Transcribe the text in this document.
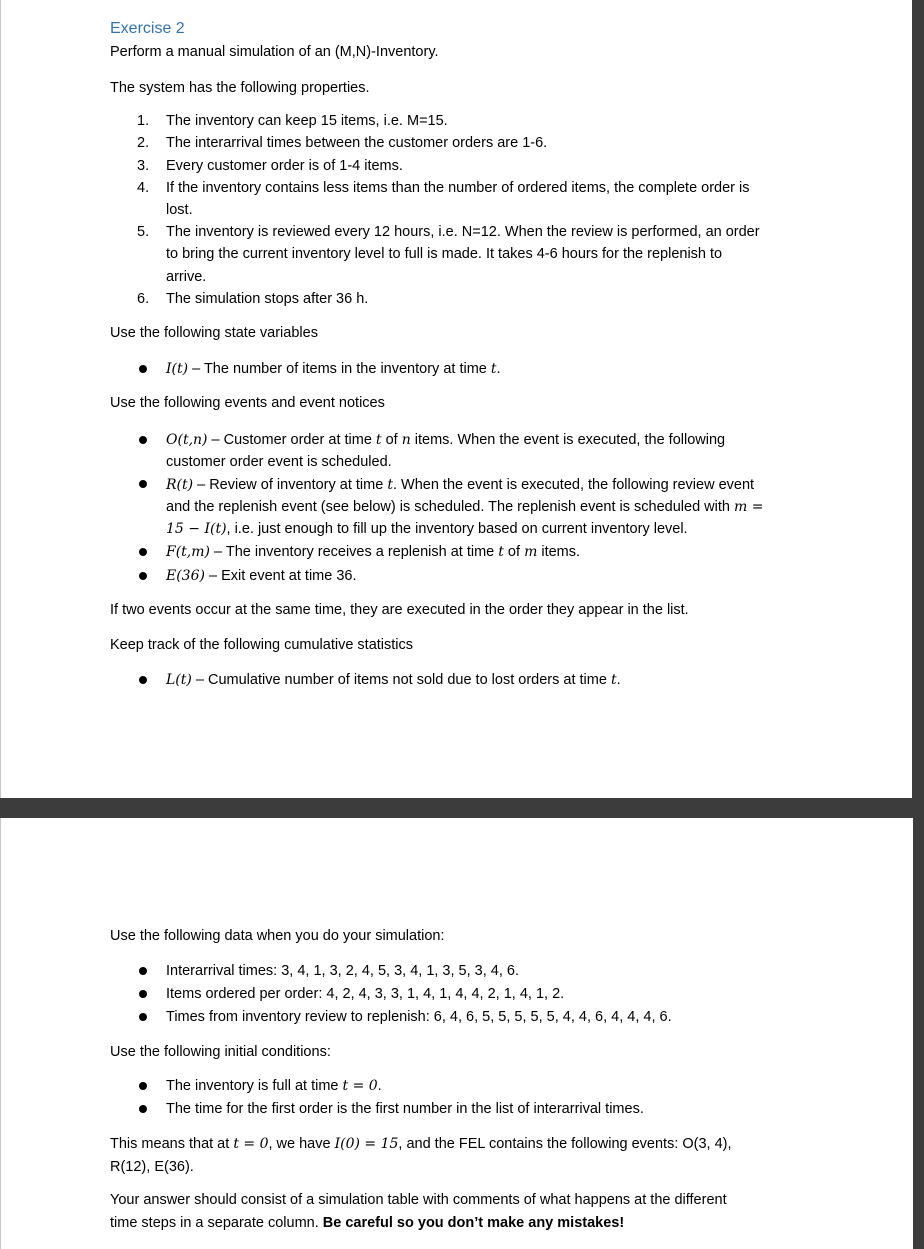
Exercise 2
Perform a manual simulation of an (M,N)-Inventory.
The system has the following properties.
1.	The inventory can keep 15 items, i.e. M=15.
2.	The interarrival times between the customer orders are 1-6.
3.	Every customer order is of 1-4 items.
4.	If the inventory contains less items than the number of ordered items, the complete order is
lost.
5.	The inventory is reviewed every 12 hours, i.e. N=12. When the review is performed, an order
to bring the current inventory level to full is made. It takes 4-6 hours for the replenish to
arrive.
6.	The simulation stops after 36 h.
Use the following state variables
I(t) – The number of items in the inventory at time t.
Use the following events and event notices
O(t,n) – Customer order at time t of n items. When the event is executed, the following
customer order event is scheduled.
R(t) – Review of inventory at time t. When the event is executed, the following review event
and the replenish event (see below) is scheduled. The replenish event is scheduled with m =
15 − I(t), i.e. just enough to fill up the inventory based on current inventory level.
F(t,m) – The inventory receives a replenish at time t of m items.
E(36) – Exit event at time 36.
If two events occur at the same time, they are executed in the order they appear in the list.
Keep track of the following cumulative statistics
L(t) – Cumulative number of items not sold due to lost orders at time t.
Use the following data when you do your simulation:
Interarrival times: 3, 4, 1, 3, 2, 4, 5, 3, 4, 1, 3, 5, 3, 4, 6.
Items ordered per order: 4, 2, 4, 3, 3, 1, 4, 1, 4, 4, 2, 1, 4, 1, 2.
Times from inventory review to replenish: 6, 4, 6, 5, 5, 5, 5, 5, 4, 4, 6, 4, 4, 4, 6.
Use the following initial conditions:
The inventory is full at time t = 0.
The time for the first order is the first number in the list of interarrival times.
This means that at t = 0, we have I(0) = 15, and the FEL contains the following events: O(3, 4),
R(12), E(36).
Your answer should consist of a simulation table with comments of what happens at the different
time steps in a separate column. Be careful so you don’t make any mistakes!
